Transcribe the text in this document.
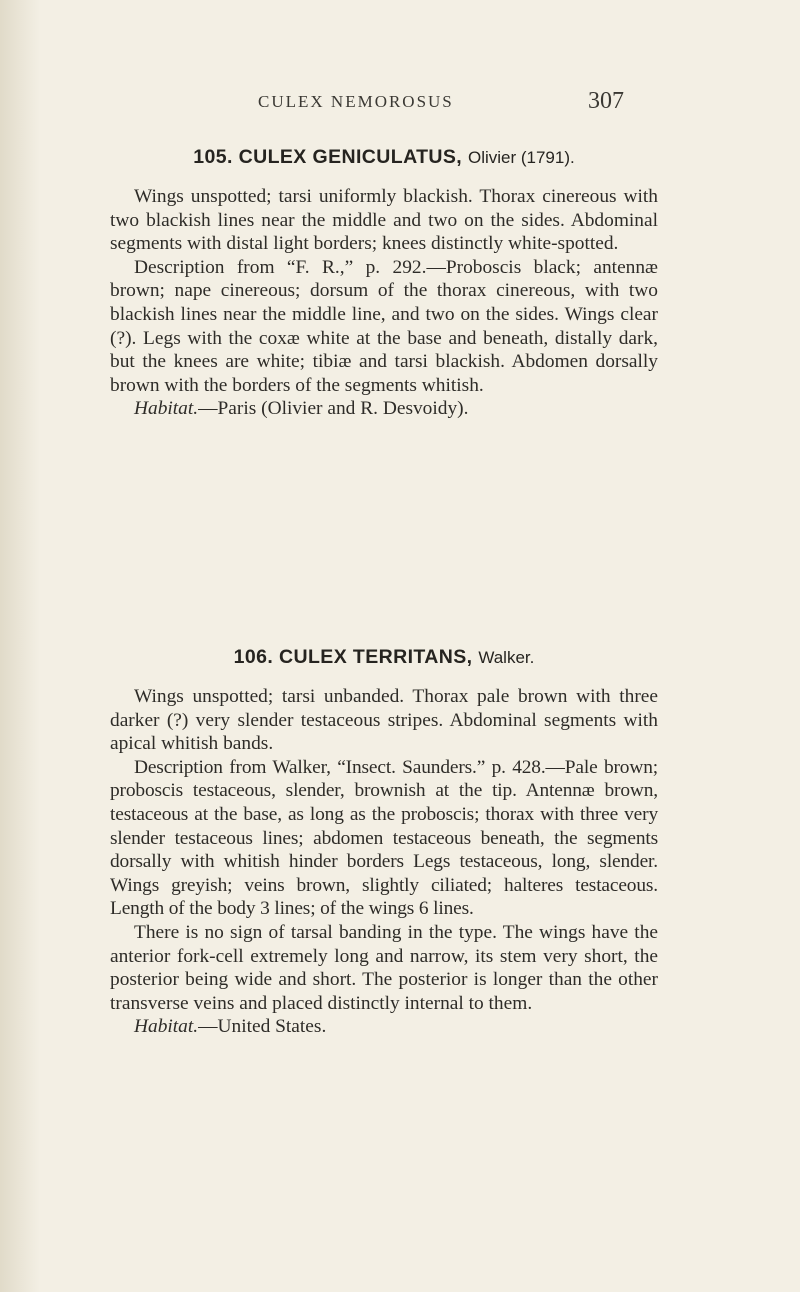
CULEX NEMOROSUS	307

105. CULEX GENICULATUS, Olivier (1791).

Wings unspotted; tarsi uniformly blackish. Thorax cinereous with two blackish lines near the middle and two on the sides. Abdominal segments with distal light borders; knees distinctly white-spotted.

Description from “F. R.,” p. 292.—Proboscis black; antennæ brown; nape cinereous; dorsum of the thorax cinereous, with two blackish lines near the middle line, and two on the sides. Wings clear (?). Legs with the coxæ white at the base and beneath, distally dark, but the knees are white; tibiæ and tarsi blackish. Abdomen dorsally brown with the borders of the segments whitish.

Habitat.—Paris (Olivier and R. Desvoidy).

106. CULEX TERRITANS, Walker.

Wings unspotted; tarsi unbanded. Thorax pale brown with three darker (?) very slender testaceous stripes. Abdominal segments with apical whitish bands.

Description from Walker, “Insect. Saunders.” p. 428.—Pale brown; proboscis testaceous, slender, brownish at the tip. Antennæ brown, testaceous at the base, as long as the proboscis; thorax with three very slender testaceous lines; abdomen testaceous beneath, the segments dorsally with whitish hinder borders Legs testaceous, long, slender. Wings greyish; veins brown, slightly ciliated; halteres testaceous. Length of the body 3 lines; of the wings 6 lines.

There is no sign of tarsal banding in the type. The wings have the anterior fork-cell extremely long and narrow, its stem very short, the posterior being wide and short. The posterior is longer than the other transverse veins and placed distinctly internal to them.

Habitat.—United States.
